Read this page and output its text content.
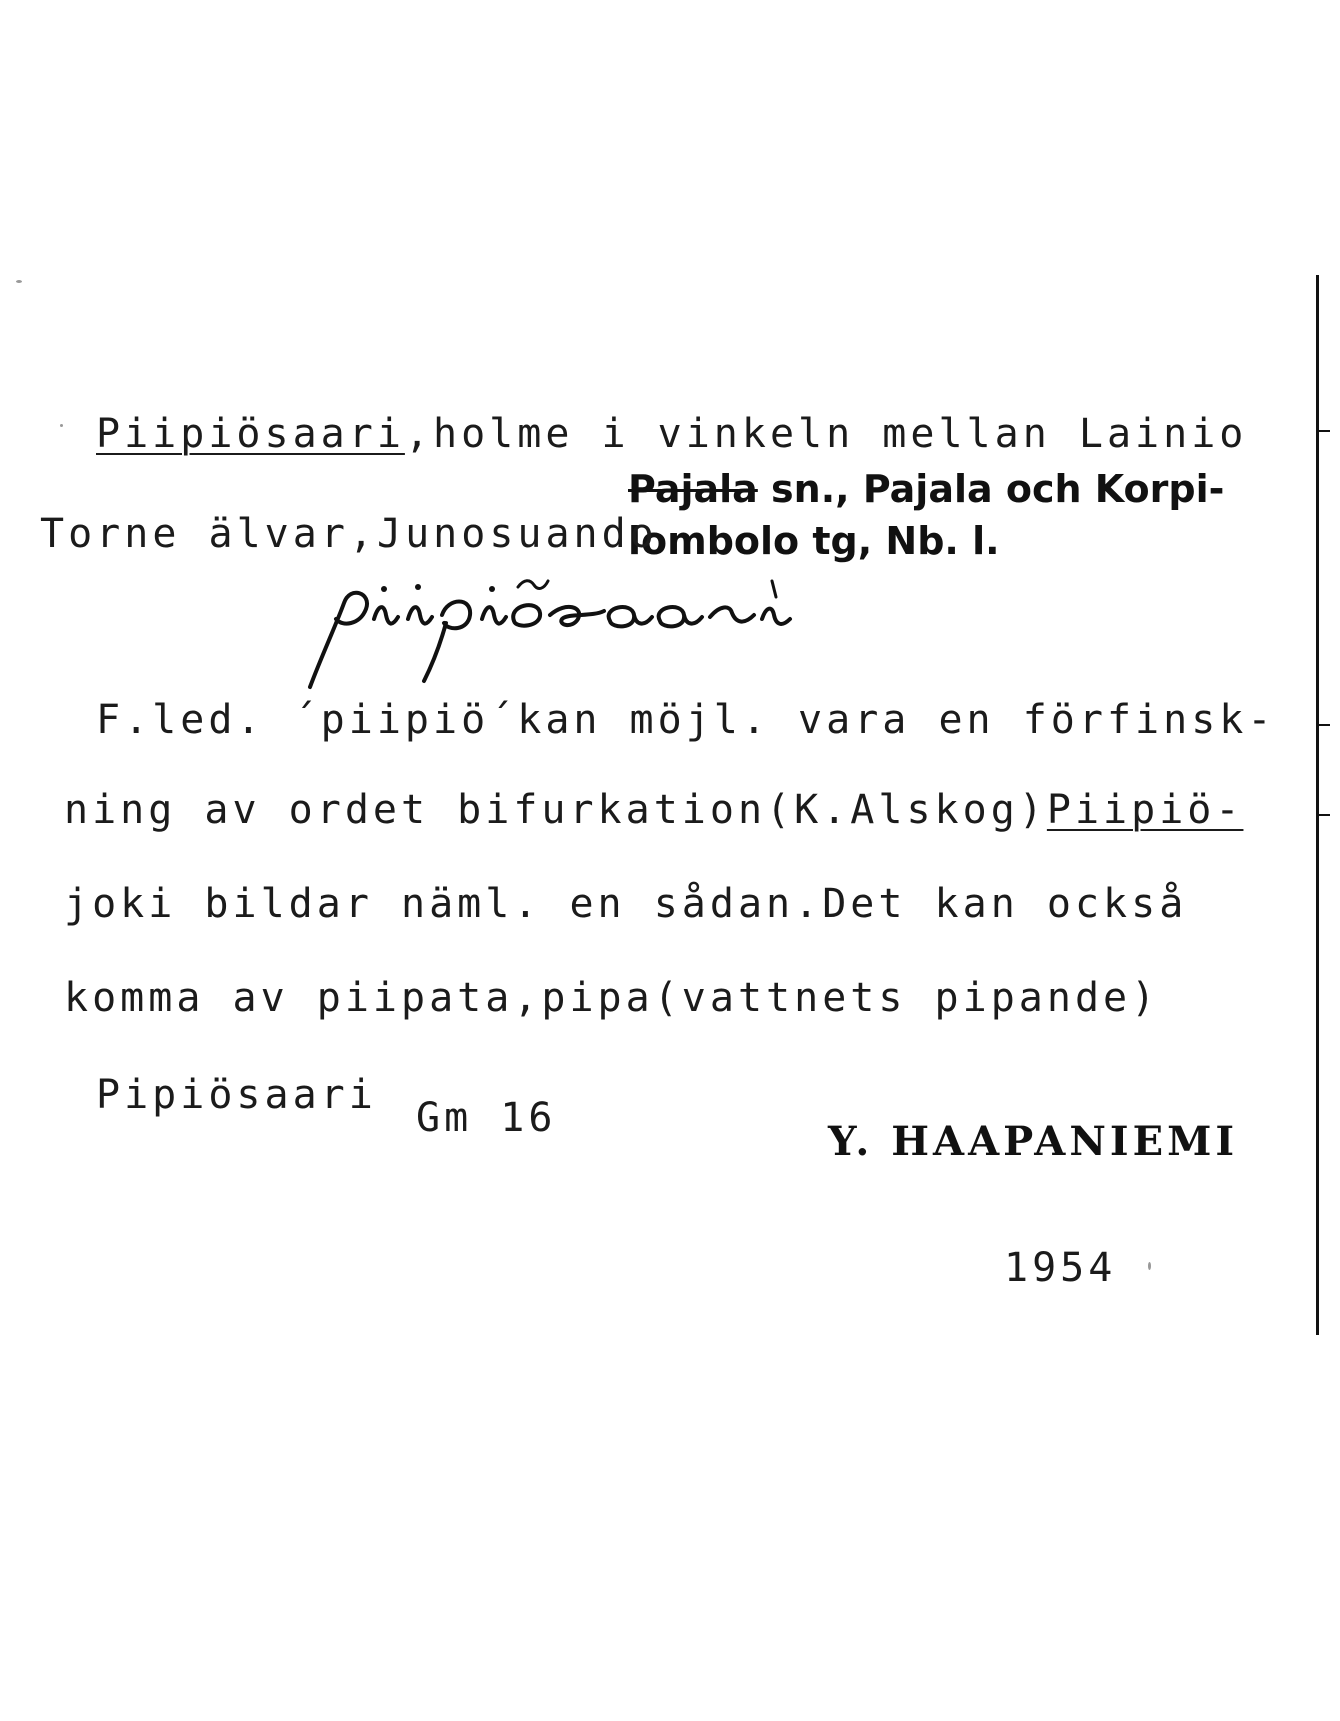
Piipiösaari,holme i vinkeln mellan Lainio
Pajala sn., Pajala och Korpi-
lombolo tg, Nb. l.
Torne älvar,Junosuando
F.led. ´piipiö´kan möjl. vara en förfinsk-
ning av ordet bifurkation(K.Alskog)Piipiö-
joki bildar näml. en sådan.Det kan också
komma av piipata,pipa(vattnets pipande)
Pipiösaari Gm 16	Y. HAAPANIEMI
1954
